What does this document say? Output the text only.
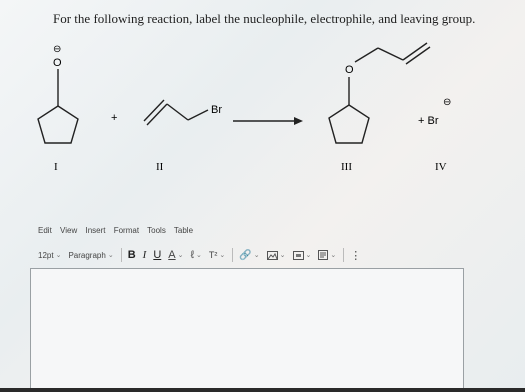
For the following reaction, label the nucleophile, electrophile, and leaving group.
O
⊖
+
Br
O
⊖
+ Br
I	II	III	IV
Edit View Insert Format Tools Table
12pt ⌄ Paragraph ⌄ B I U A ⌄ ℓ ⌄ T² ⌄ 🔗 ⌄	⌄	⌄	⌄ ⋮
